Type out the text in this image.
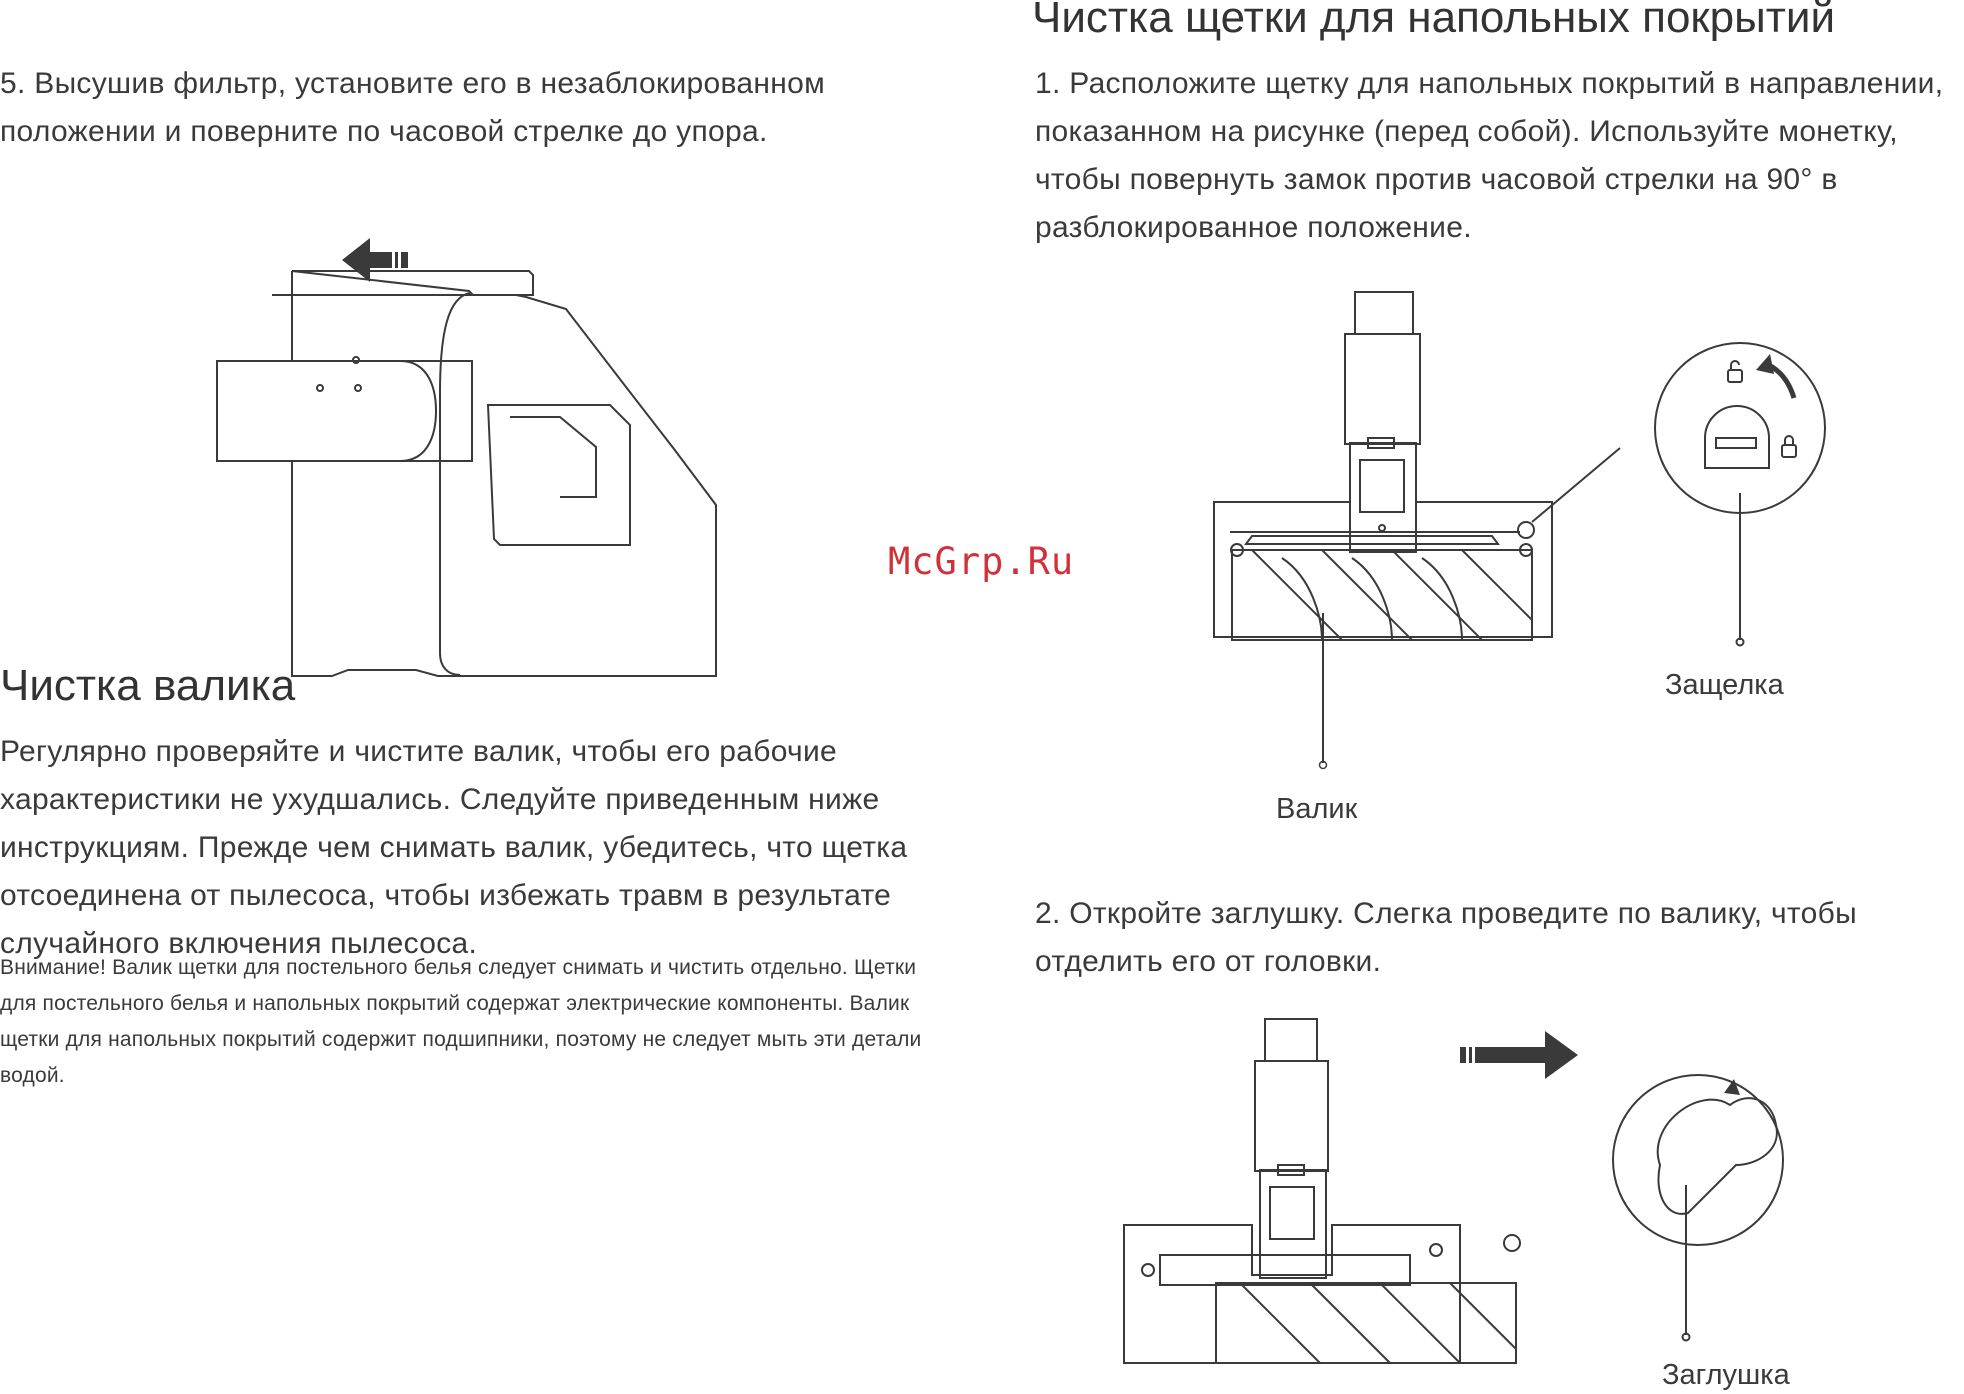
5. Высушив фильтр, установите его в незаблокированном положении и поверните по часовой стрелке до упора.

Чистка валика

Регулярно проверяйте и чистите валик, чтобы его рабочие характеристики не ухудшались. Следуйте приведенным ниже инструкциям. Прежде чем снимать валик, убедитесь, что щетка отсоединена от пылесоса, чтобы избежать травм в результате случайного включения пылесоса.

Внимание! Валик щетки для постельного белья следует снимать и чистить отдельно. Щетки для постельного белья и напольных покрытий содержат электрические компоненты. Валик щетки для напольных покрытий содержит подшипники, поэтому не следует мыть эти детали водой.

McGrp.Ru
Чистка щетки для напольных покрытий

1. Расположите щетку для напольных покрытий в направлении, показанном на рисунке (перед собой). Используйте монетку, чтобы повернуть замок против часовой стрелки на 90° в разблокированное положение.

Защелка
Валик

2. Откройте заглушку. Слегка проведите по валику, чтобы отделить его от головки.

Заглушка
